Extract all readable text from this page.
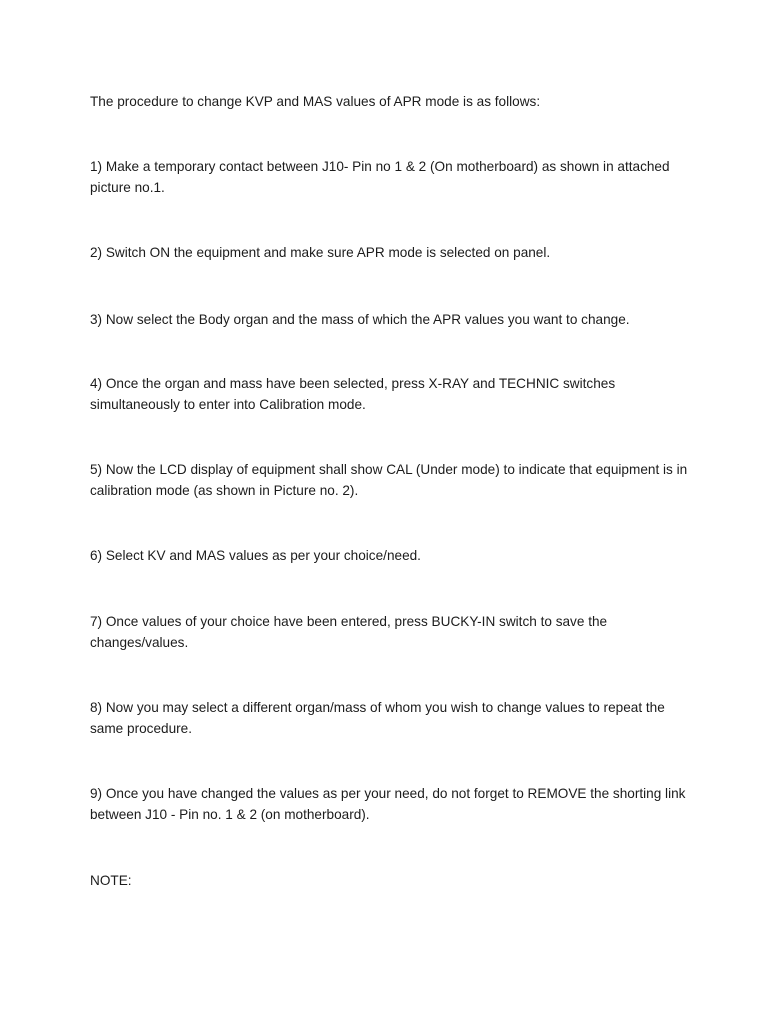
The procedure to change KVP and MAS values of APR mode is as follows:

1) Make a temporary contact between J10- Pin no 1 & 2 (On motherboard) as shown in attached picture no.1.

2) Switch ON the equipment and make sure APR mode is selected on panel.

3) Now select the Body organ and the mass of which the APR values you want to change.

4) Once the organ and mass have been selected, press X-RAY and TECHNIC switches simultaneously to enter into Calibration mode.

5) Now the LCD display of equipment shall show CAL (Under mode) to indicate that equipment is in calibration mode (as shown in Picture no. 2).

6) Select KV and MAS values as per your choice/need.

7) Once values of your choice have been entered, press BUCKY-IN switch to save the changes/values.

8) Now you may select a different organ/mass of whom you wish to change values to repeat the same procedure.

9) Once you have changed the values as per your need, do not forget to REMOVE the shorting link between J10 - Pin no. 1 & 2 (on motherboard).

NOTE:
